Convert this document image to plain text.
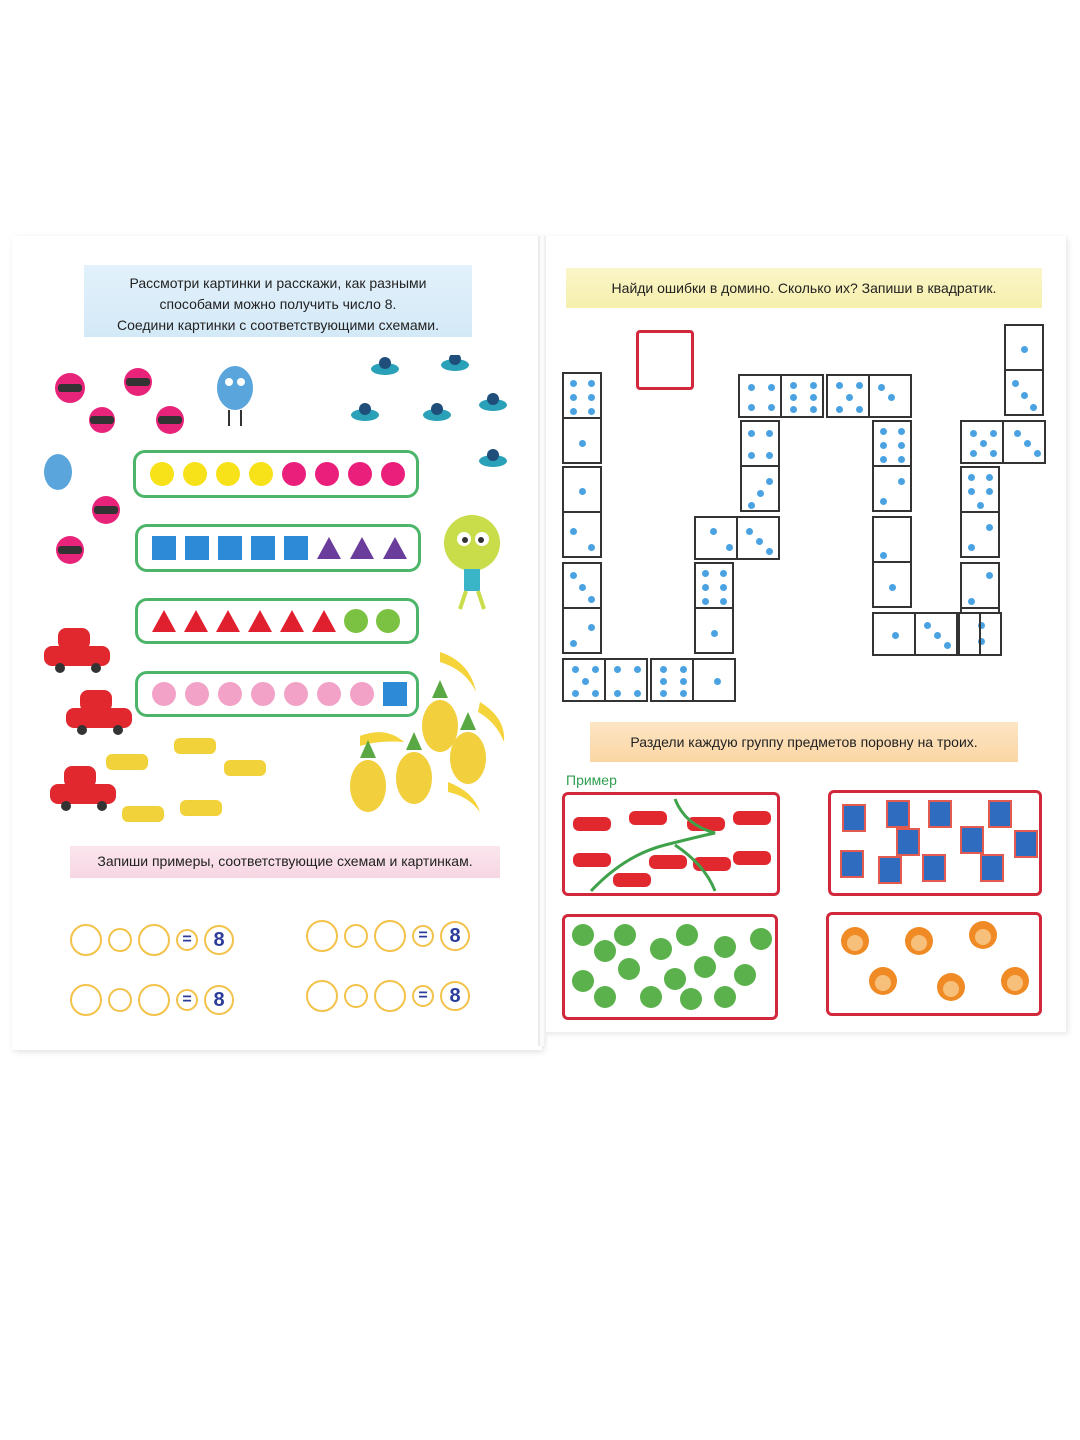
Рассмотри картинки и расскажи, как разными
способами можно получить число 8.
Соедини картинки с соответствующими схемами.
Запиши примеры, соответствующие схемам и картинкам.
=	8	=	8
=	8	=	8
Найди ошибки в домино. Сколько их? Запиши в квадратик.
Раздели каждую группу предметов поровну на троих.
Пример
